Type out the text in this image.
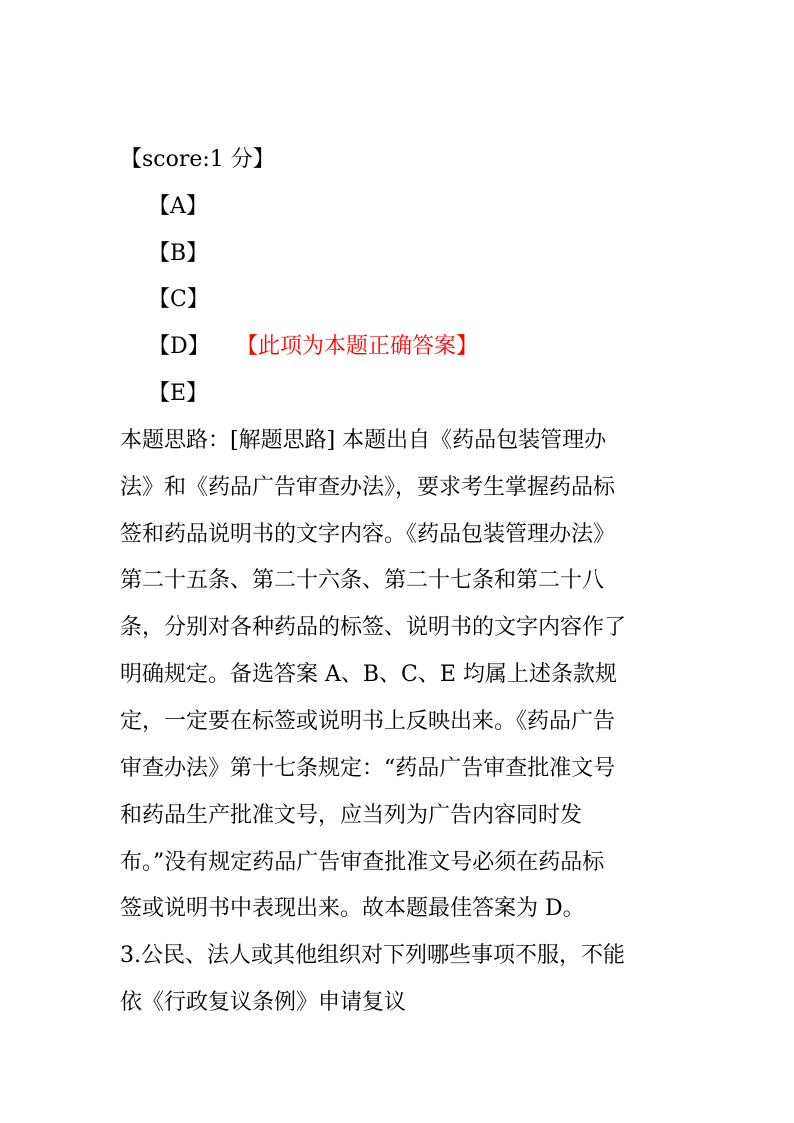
【score:1 分】
【A】
【B】
【C】
【D】 【此项为本题正确答案】
【E】
本题思路：[解题思路] 本题出自《药品包装管理办
法》和《药品广告审查办法》，要求考生掌握药品标
签和药品说明书的文字内容。《药品包装管理办法》
第二十五条、第二十六条、第二十七条和第二十八
条，分别对各种药品的标签、说明书的文字内容作了
明确规定。备选答案 A、B、C、E 均属上述条款规
定，一定要在标签或说明书上反映出来。《药品广告
审查办法》第十七条规定：“药品广告审查批准文号
和药品生产批准文号，应当列为广告内容同时发
布。”没有规定药品广告审查批准文号必须在药品标
签或说明书中表现出来。故本题最佳答案为 D。
3.公民、法人或其他组织对下列哪些事项不服，不能
依《行政复议条例》申请复议
